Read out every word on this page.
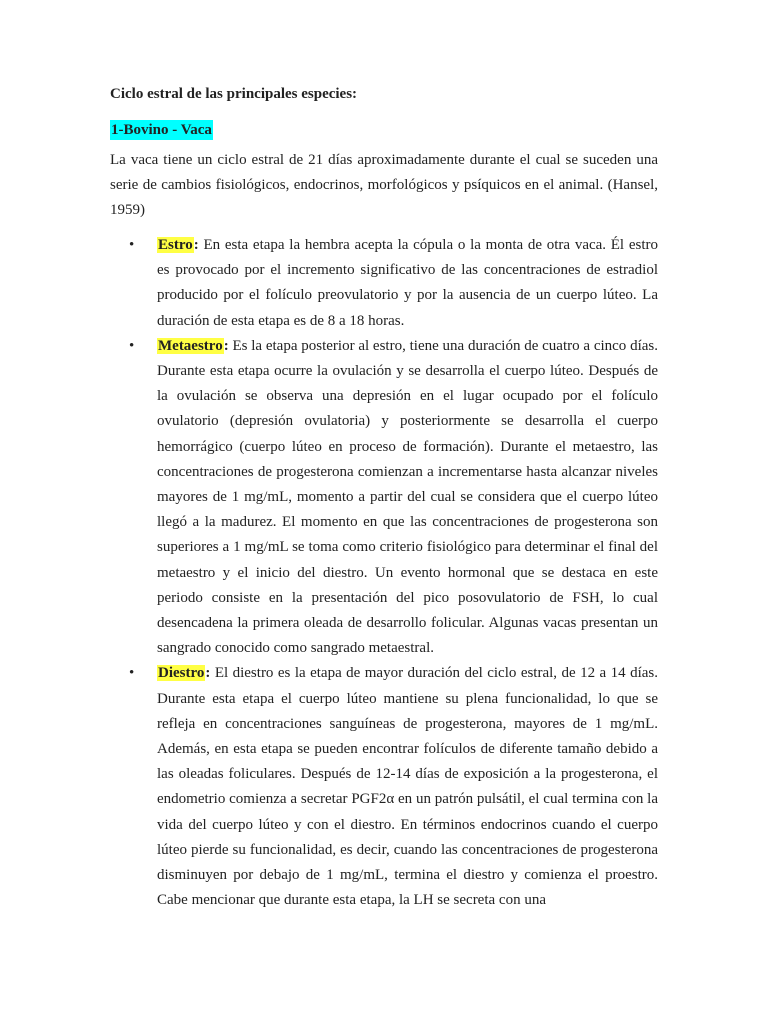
Ciclo estral de las principales especies:

1-Bovino - Vaca

La vaca tiene un ciclo estral de 21 días aproximadamente durante el cual se suceden una serie de cambios fisiológicos, endocrinos, morfológicos y psíquicos en el animal. (Hansel, 1959)

• Estro: En esta etapa la hembra acepta la cópula o la monta de otra vaca. Él estro es provocado por el incremento significativo de las concentraciones de estradiol producido por el folículo preovulatorio y por la ausencia de un cuerpo lúteo. La duración de esta etapa es de 8 a 18 horas.
• Metaestro: Es la etapa posterior al estro, tiene una duración de cuatro a cinco días. Durante esta etapa ocurre la ovulación y se desarrolla el cuerpo lúteo. Después de la ovulación se observa una depresión en el lugar ocupado por el folículo ovulatorio (depresión ovulatoria) y posteriormente se desarrolla el cuerpo hemorrágico (cuerpo lúteo en proceso de formación). Durante el metaestro, las concentraciones de progesterona comienzan a incrementarse hasta alcanzar niveles mayores de 1 mg/mL, momento a partir del cual se considera que el cuerpo lúteo llegó a la madurez. El momento en que las concentraciones de progesterona son superiores a 1 mg/mL se toma como criterio fisiológico para determinar el final del metaestro y el inicio del diestro. Un evento hormonal que se destaca en este periodo consiste en la presentación del pico posovulatorio de FSH, lo cual desencadena la primera oleada de desarrollo folicular. Algunas vacas presentan un sangrado conocido como sangrado metaestral.
• Diestro: El diestro es la etapa de mayor duración del ciclo estral, de 12 a 14 días. Durante esta etapa el cuerpo lúteo mantiene su plena funcionalidad, lo que se refleja en concentraciones sanguíneas de progesterona, mayores de 1 mg/mL. Además, en esta etapa se pueden encontrar folículos de diferente tamaño debido a las oleadas foliculares. Después de 12-14 días de exposición a la progesterona, el endometrio comienza a secretar PGF2α en un patrón pulsátil, el cual termina con la vida del cuerpo lúteo y con el diestro. En términos endocrinos cuando el cuerpo lúteo pierde su funcionalidad, es decir, cuando las concentraciones de progesterona disminuyen por debajo de 1 mg/mL, termina el diestro y comienza el proestro. Cabe mencionar que durante esta etapa, la LH se secreta con una
